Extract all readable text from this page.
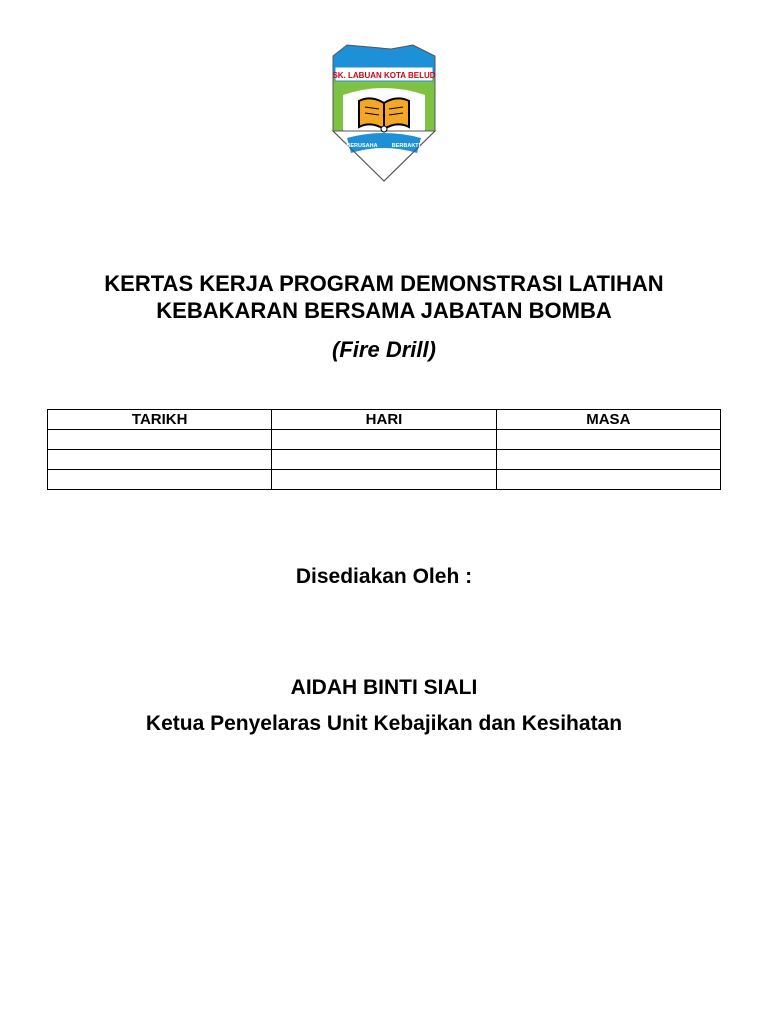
SK. LABUAN KOTA BELUD
BERUSAHA	BERBAKTI
KERTAS KERJA PROGRAM DEMONSTRASI LATIHAN
KEBAKARAN BERSAMA JABATAN BOMBA
(Fire Drill)
TARIKH	HARI	MASA

Disediakan Oleh :
AIDAH BINTI SIALI
Ketua Penyelaras Unit Kebajikan dan Kesihatan
